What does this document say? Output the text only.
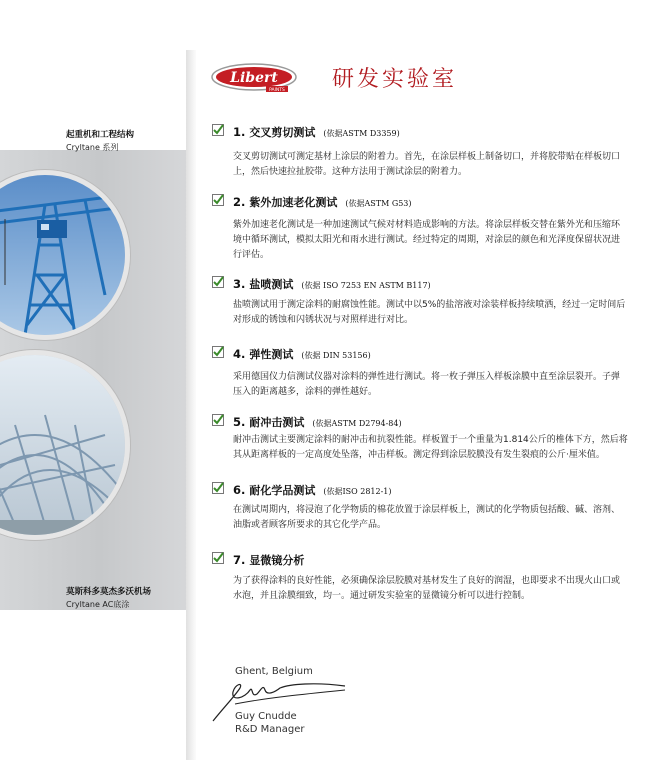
起重机和工程结构
Cryltane 系列
莫斯科多莫杰多沃机场
Cryltane AC底涂
Libert
PAINTS 研发实验室
1. 交叉剪切测试 (依据ASTM D3359)
交叉剪切测试可测定基材上涂层的附着力。首先，在涂层样板上制备切口，并将胶带贴在样板切口上，然后快速拉扯胶带。这种方法用于测试涂层的附着力。
2. 紫外加速老化测试 (依据ASTM G53)
紫外加速老化测试是一种加速测试气候对材料造成影响的方法。将涂层样板交替在紫外光和压缩环境中循环测试，模拟太阳光和雨水进行测试。经过特定的周期，对涂层的颜色和光泽度保留状况进行评估。
3. 盐喷测试 (依据 ISO 7253 EN ASTM B117)
盐喷测试用于测定涂料的耐腐蚀性能。测试中以5%的盐溶液对涂装样板持续喷洒，经过一定时间后对形成的锈蚀和闪锈状况与对照样进行对比。
4. 弹性测试 (依据 DIN 53156)
采用德国仪力信测试仪器对涂料的弹性进行测试。将一枚子弹压入样板涂膜中直至涂层裂开。子弹压入的距离越多，涂料的弹性越好。
5. 耐冲击测试 (依据ASTM D2794-84)
耐冲击测试主要测定涂料的耐冲击和抗裂性能。样板置于一个重量为1.814公斤的椎体下方，然后将其从距离样板的一定高度处坠落，冲击样板。测定得到涂层胶膜没有发生裂痕的公斤·厘米值。
6. 耐化学品测试 (依据ISO 2812-1)
在测试周期内，将浸泡了化学物质的棉花放置于涂层样板上，测试的化学物质包括酸、碱、溶剂、油脂或者顾客所要求的其它化学产品。
7. 显微镜分析
为了获得涂料的良好性能，必须确保涂层胶膜对基材发生了良好的润湿，也即要求不出现火山口或水泡，并且涂膜细致，均一。通过研发实验室的显微镜分析可以进行控制。
Ghent, Belgium
Guy Cnudde
R&D Manager
